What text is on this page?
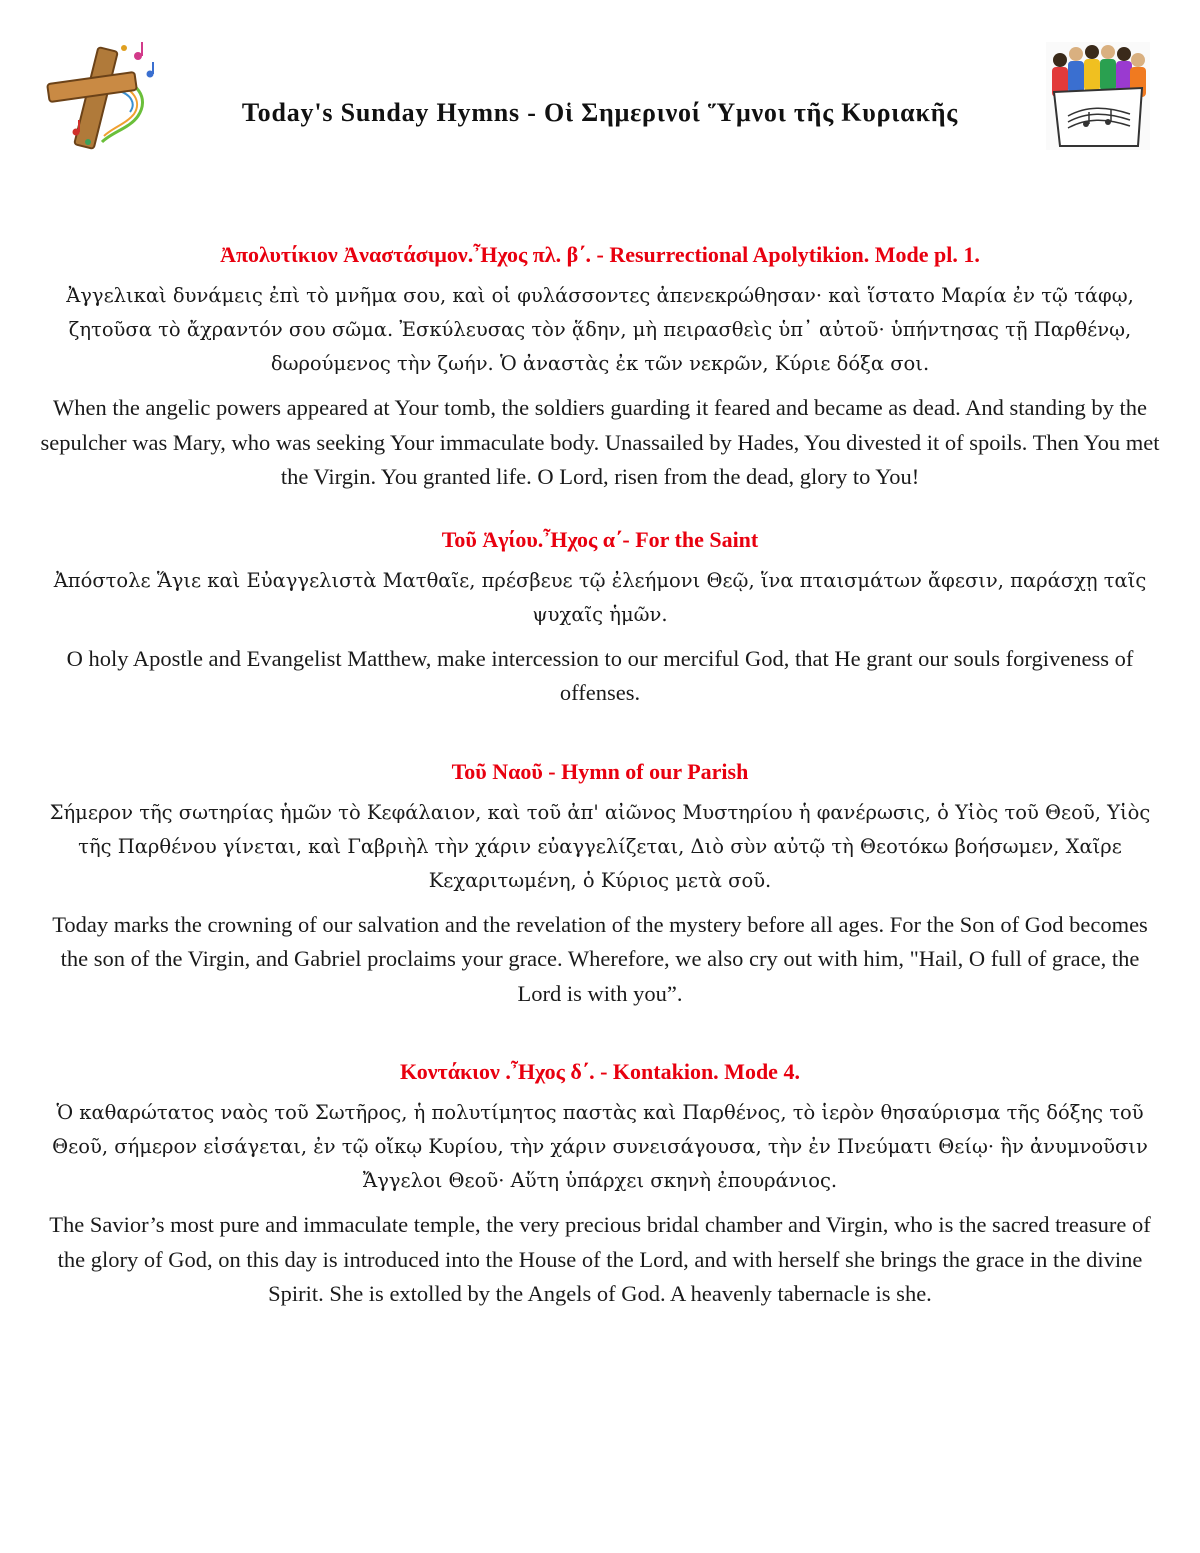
Today's Sunday Hymns - Οἱ Σημερινοί Ὕμνοι τῆς Κυριακῆς

Ἀπολυτίκιον Ἀναστάσιμον.Ἦχος πλ. β΄. - Resurrectional Apolytikion. Mode pl. 1.

Ἀγγελικαὶ δυνάμεις ἐπὶ τὸ μνῆμα σου, καὶ οἱ φυλάσσοντες ἀπενεκρώθησαν· καὶ ἵστατο Μαρία ἐν τῷ τάφῳ, ζητοῦσα τὸ ἄχραντόν σου σῶμα. Ἐσκύλευσας τὸν ᾅδην, μὴ πειρασθεὶς ὑπ᾽ αὐτοῦ· ὑπήντησας τῇ Παρθένῳ, δωρούμενος τὴν ζωήν. Ὁ ἀναστὰς ἐκ τῶν νεκρῶν, Κύριε δόξα σοι.

When the angelic powers appeared at Your tomb, the soldiers guarding it feared and became as dead. And standing by the sepulcher was Mary, who was seeking Your immaculate body. Unassailed by Hades, You divested it of spoils. Then You met the Virgin. You granted life. O Lord, risen from the dead, glory to You!

Τοῦ Ἁγίου.Ἦχος α΄- For the Saint

Ἀπόστολε Ἅγιε καὶ Εὐαγγελιστὰ Ματθαῖε, πρέσβευε τῷ ἐλεήμονι Θεῷ, ἵνα πταισμάτων ἄφεσιν, παράσχῃ ταῖς ψυχαῖς ἡμῶν.

O holy Apostle and Evangelist Matthew, make intercession to our merciful God, that He grant our souls forgiveness of offenses.

Τοῦ Ναοῦ - Hymn of our Parish

Σήμερον τῆς σωτηρίας ἡμῶν τὸ Κεφάλαιον, καὶ τοῦ ἀπ' αἰῶνος Μυστηρίου ἡ φανέρωσις, ὁ Υἱὸς τοῦ Θεοῦ, Υἱὸς τῆς Παρθένου γίνεται, καὶ Γαβριὴλ τὴν χάριν εὐαγγελίζεται, Διὸ σὺν αὐτῷ τὴ Θεοτόκω βοήσωμεν, Χαῖρε Κεχαριτωμένη, ὁ Κύριος μετὰ σοῦ.

Today marks the crowning of our salvation and the revelation of the mystery before all ages. For the Son of God becomes the son of the Virgin, and Gabriel proclaims your grace. Wherefore, we also cry out with him, "Hail, O full of grace, the Lord is with you”.

Κοντάκιον .Ἦχος δ΄. - Kontakion. Mode 4.

Ὁ καθαρώτατος ναὸς τοῦ Σωτῆρος, ἡ πολυτίμητος παστὰς καὶ Παρθένος, τὸ ἱερὸν θησαύρισμα τῆς δόξης τοῦ Θεοῦ, σήμερον εἰσάγεται, ἐν τῷ οἴκῳ Κυρίου, τὴν χάριν συνεισάγουσα, τὴν ἐν Πνεύματι Θείῳ· ἣν ἀνυμνοῦσιν Ἄγγελοι Θεοῦ· Αὕτη ὑπάρχει σκηνὴ ἐπουράνιος.

The Savior’s most pure and immaculate temple, the very precious bridal chamber and Virgin, who is the sacred treasure of the glory of God, on this day is introduced into the House of the Lord, and with herself she brings the grace in the divine Spirit. She is extolled by the Angels of God. A heavenly tabernacle is she.
